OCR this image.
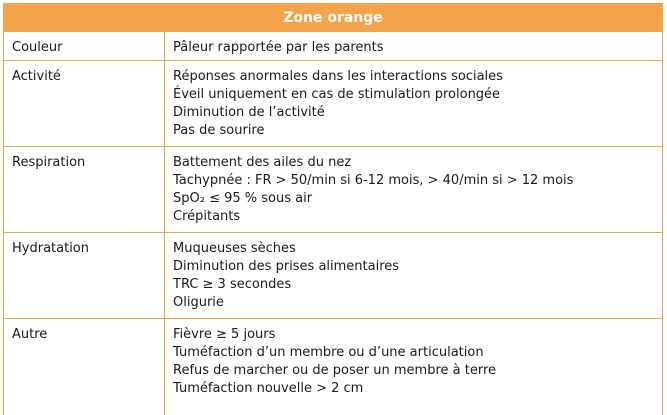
Zone orange
Couleur	Pâleur rapportée par les parents
Activité	Réponses anormales dans les interactions sociales
Éveil uniquement en cas de stimulation prolongée
Diminution de l’activité
Pas de sourire
Respiration	Battement des ailes du nez
Tachypnée : FR > 50/min si 6-12 mois, > 40/min si > 12 mois
SpO₂ ≤ 95 % sous air
Crépitants
Hydratation	Muqueuses sèches
Diminution des prises alimentaires
TRC ≥ 3 secondes
Oligurie
Autre	Fièvre ≥ 5 jours
Tuméfaction d’un membre ou d’une articulation
Refus de marcher ou de poser un membre à terre
Tuméfaction nouvelle > 2 cm
